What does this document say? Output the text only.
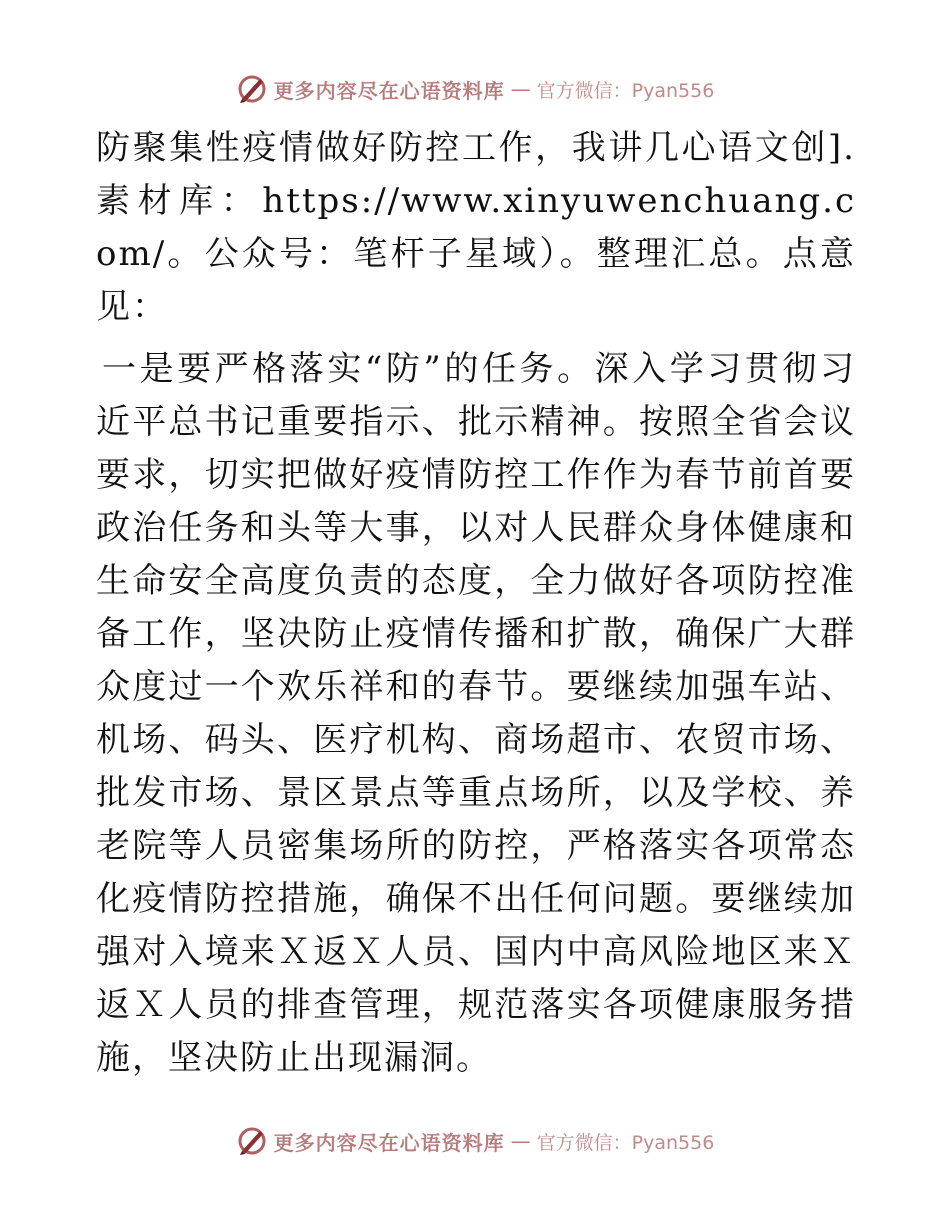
更多内容尽在心语资料库 — 官方微信：Pyan556

防聚集性疫情做好防控工作，我讲几心语文创].素材库：https://www.xinyuwenchuang.com/。公众号：笔杆子星域）。整理汇总。点意见：

一是要严格落实“防”的任务。深入学习贯彻习近平总书记重要指示、批示精神。按照全省会议要求，切实把做好疫情防控工作作为春节前首要政治任务和头等大事，以对人民群众身体健康和生命安全高度负责的态度，全力做好各项防控准备工作，坚决防止疫情传播和扩散，确保广大群众度过一个欢乐祥和的春节。要继续加强车站、机场、码头、医疗机构、商场超市、农贸市场、批发市场、景区景点等重点场所，以及学校、养老院等人员密集场所的防控，严格落实各项常态化疫情防控措施，确保不出任何问题。要继续加强对入境来Ｘ返Ｘ人员、国内中高风险地区来Ｘ返Ｘ人员的排查管理，规范落实各项健康服务措施，坚决防止出现漏洞。

更多内容尽在心语资料库 — 官方微信：Pyan556
